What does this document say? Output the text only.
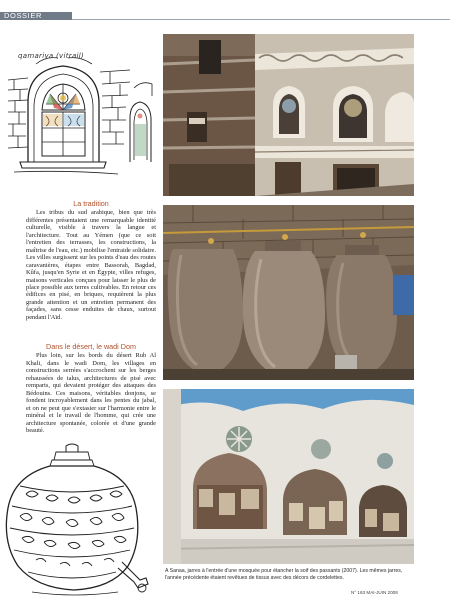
DOSSIER
qamariya (vitrail)
La tradition

Les tribus du sud arabique, bien que très différentes présentaient une remarquable identité culturelle, visible à travers la langue et l'architecture. Tout au Yémen (que ce soit l'entretien des terrasses, les constructions, la maîtrise de l'eau, etc.) mobilise l'entraide solidaire. Les villes surgissent sur les points d'eau des routes caravanières, étapes entre Bassorah, Bagdad, Kûfa, jusqu'en Syrie et en Égypte, villes refuges, maisons verticales conçues pour laisser le plus de place possible aux terres cultivables. En retour ces édifices en pisé, en briques, requièrent la plus grande attention et un entretien permanent des façades, sans cesse enduites de chaux, surtout pendant l'Aïd.

Dans le désert, le wadi Dom

Plus loin, sur les bords du désert Rub Al Khali, dans le wadi Dom, les villages en constructions serrées s'accrochent sur les berges rehaussées de talus, architectures de pisé avec remparts, qui devaient protéger des attaques des Bédouins. Ces maisons, véritables donjons, se fondent incroyablement dans les pentes du jabal, et on ne peut que s'extasier sur l'harmonie entre le minéral et le travail de l'homme, qui crée une architecture spontanée, colorée et d'une grande beauté.

A Sanaa, jarres à l'entrée d'une mosquée pour étancher la soif des passants (2007). Les mêmes jarres, l'année précédente étaient revêtues de tissus avec des décors de cordelettes.

N° 163 MAI-JUIN 2008
